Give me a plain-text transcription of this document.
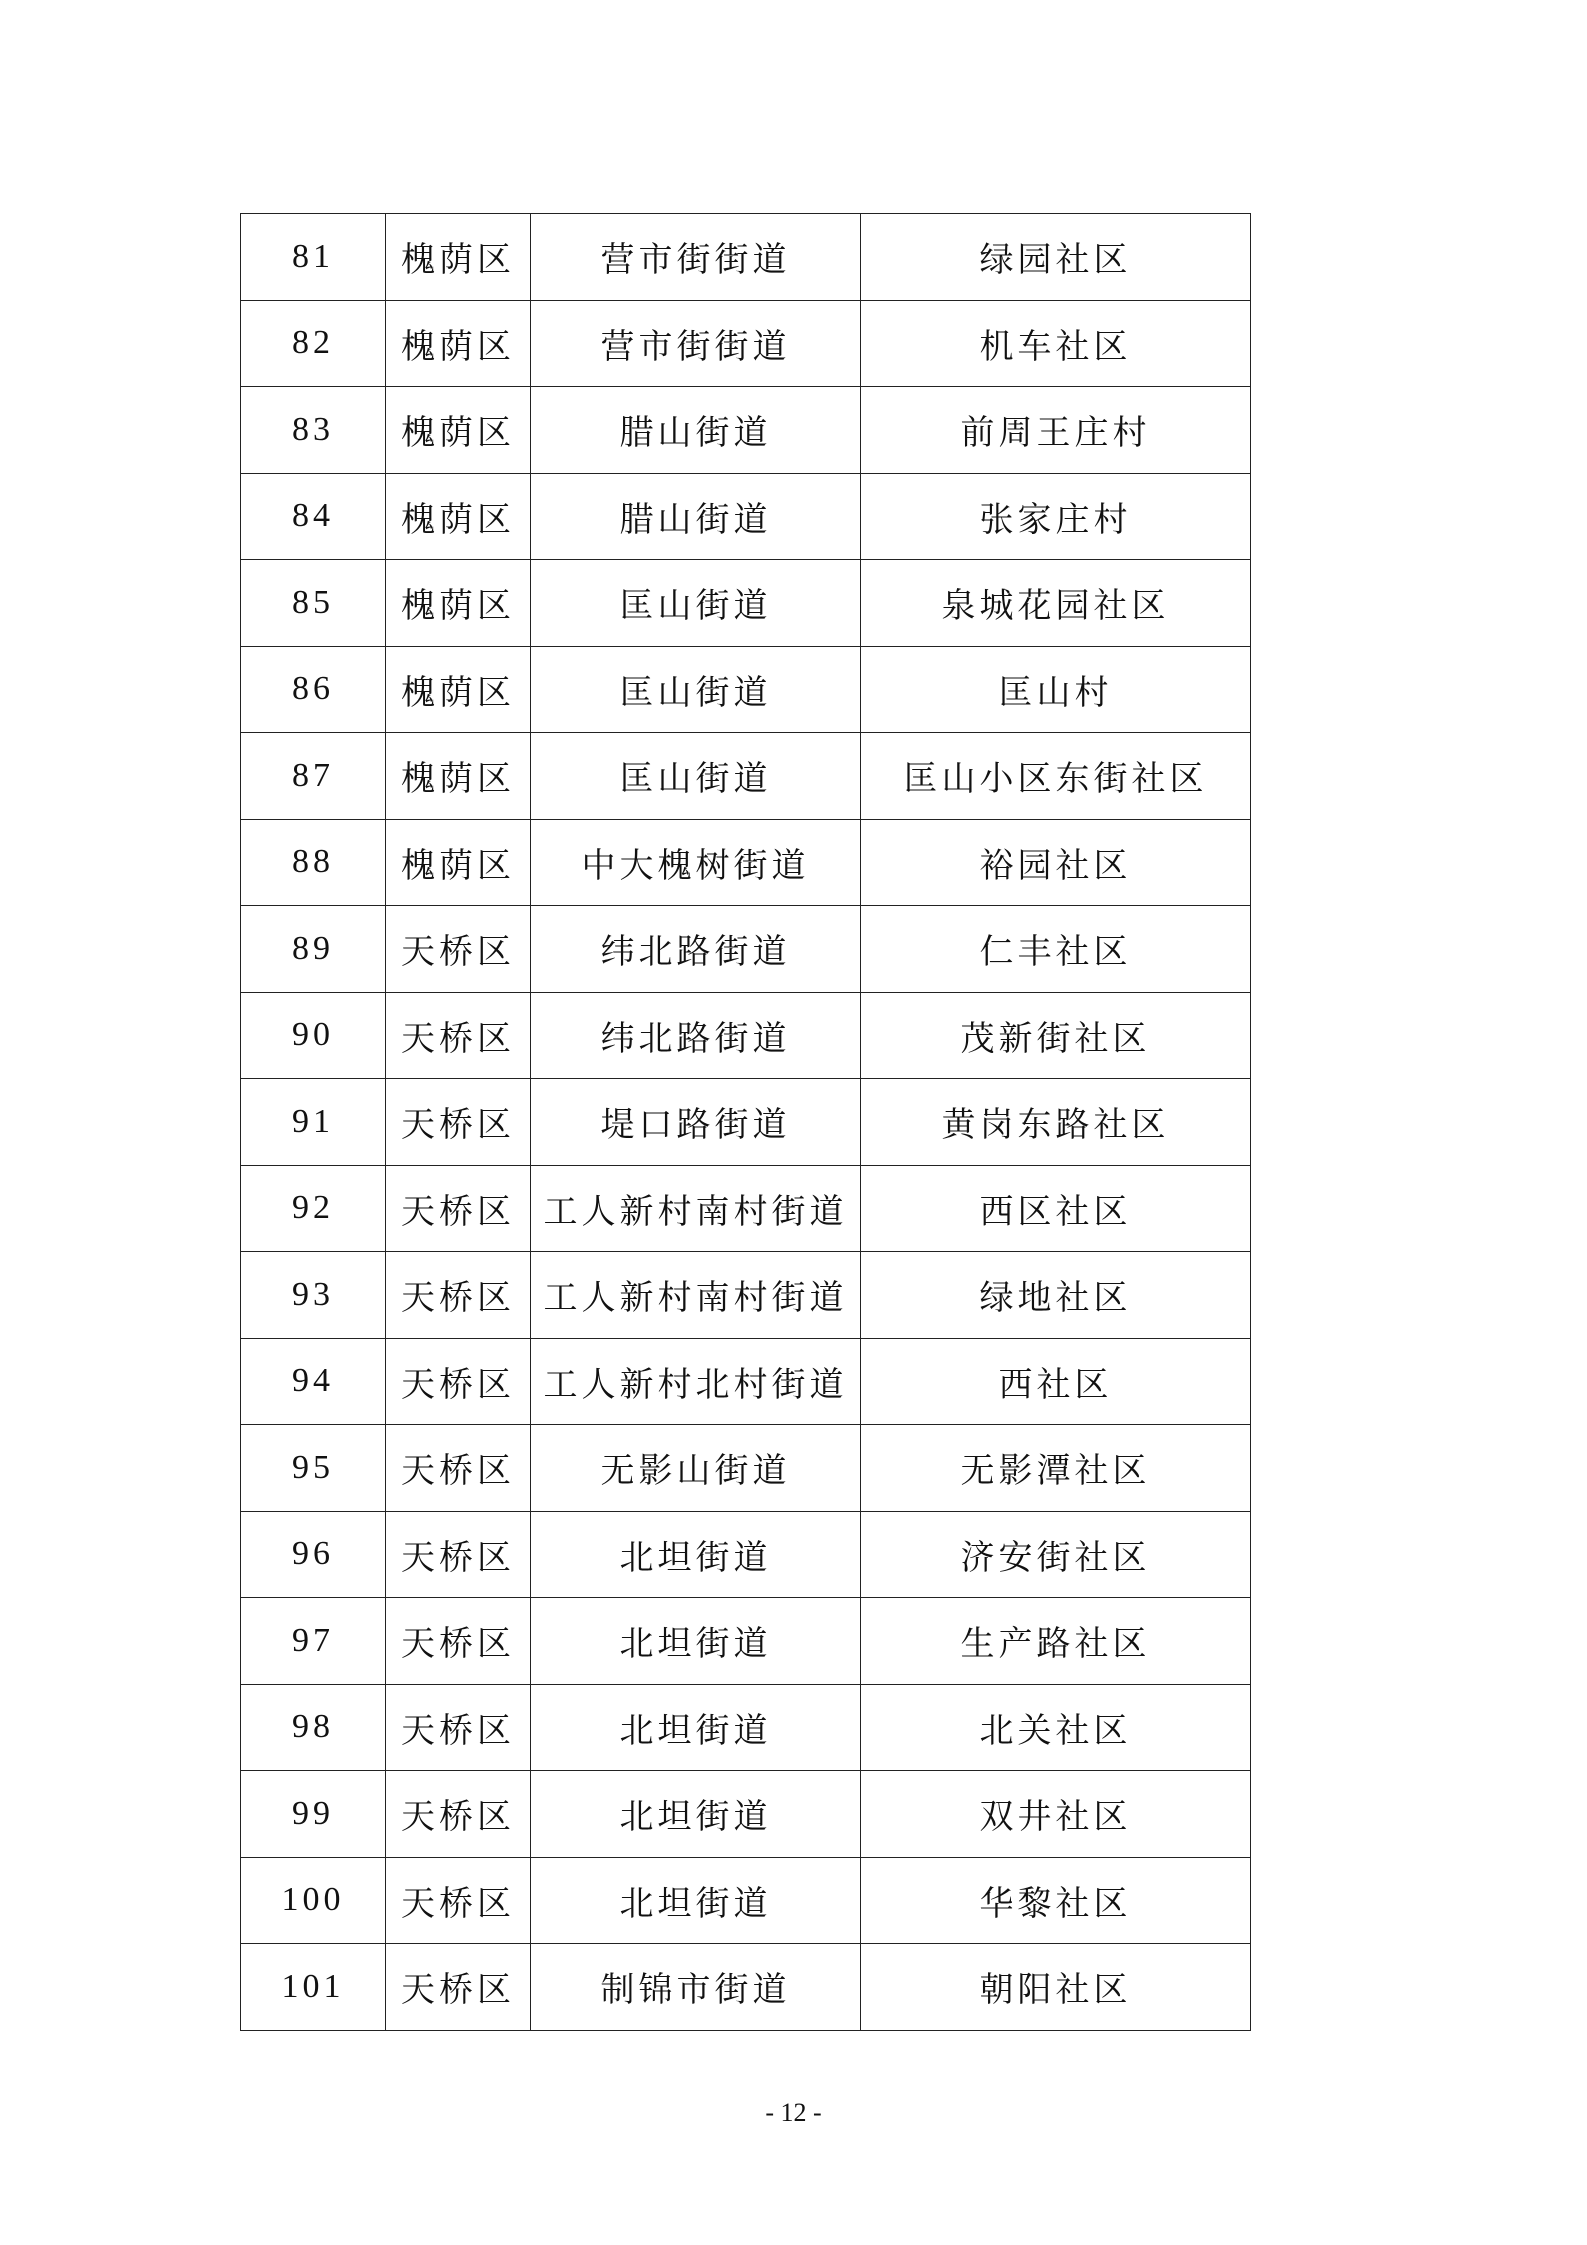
81	槐荫区	营市街街道	绿园社区
82	槐荫区	营市街街道	机车社区
83	槐荫区	腊山街道	前周王庄村
84	槐荫区	腊山街道	张家庄村
85	槐荫区	匡山街道	泉城花园社区
86	槐荫区	匡山街道	匡山村
87	槐荫区	匡山街道	匡山小区东街社区
88	槐荫区	中大槐树街道	裕园社区
89	天桥区	纬北路街道	仁丰社区
90	天桥区	纬北路街道	茂新街社区
91	天桥区	堤口路街道	黄岗东路社区
92	天桥区	工人新村南村街道	西区社区
93	天桥区	工人新村南村街道	绿地社区
94	天桥区	工人新村北村街道	西社区
95	天桥区	无影山街道	无影潭社区
96	天桥区	北坦街道	济安街社区
97	天桥区	北坦街道	生产路社区
98	天桥区	北坦街道	北关社区
99	天桥区	北坦街道	双井社区
100	天桥区	北坦街道	华黎社区
101	天桥区	制锦市街道	朝阳社区
- 12 -
